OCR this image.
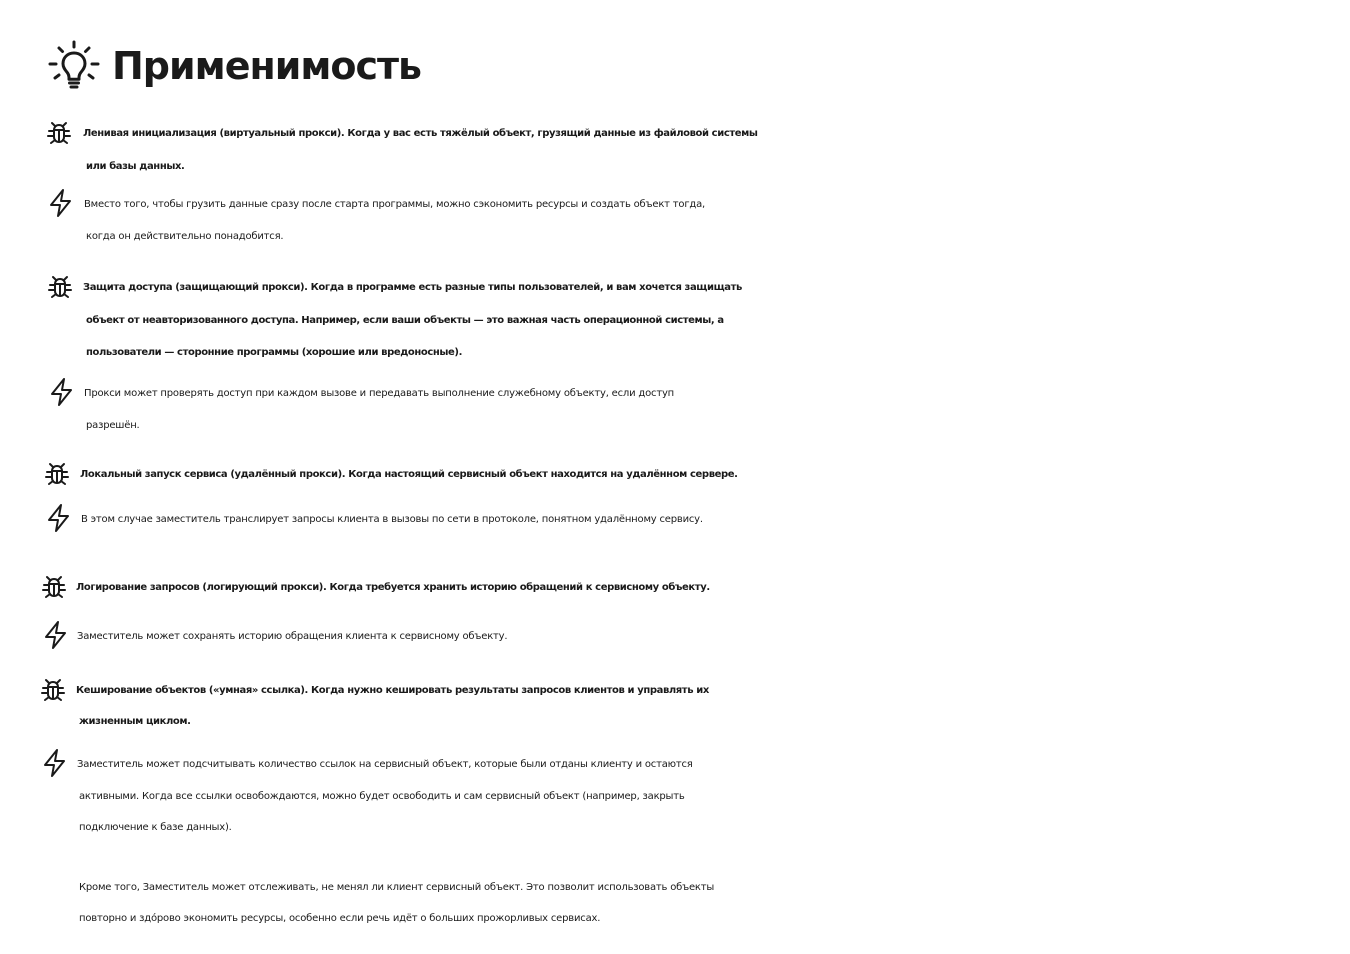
Применимость
Ленивая инициализация (виртуальный прокси). Когда у вас есть тяжёлый объект, грузящий данные из файловой системы
или базы данных.
Вместо того, чтобы грузить данные сразу после старта программы, можно сэкономить ресурсы и создать объект тогда,
когда он действительно понадобится.
Защита доступа (защищающий прокси). Когда в программе есть разные типы пользователей, и вам хочется защищать
объект от неавторизованного доступа. Например, если ваши объекты — это важная часть операционной системы, а
пользователи — сторонние программы (хорошие или вредоносные).
Прокси может проверять доступ при каждом вызове и передавать выполнение служебному объекту, если доступ
разрешён.
Локальный запуск сервиса (удалённый прокси). Когда настоящий сервисный объект находится на удалённом сервере.
В этом случае заместитель транслирует запросы клиента в вызовы по сети в протоколе, понятном удалённому сервису.
Логирование запросов (логирующий прокси). Когда требуется хранить историю обращений к сервисному объекту.
Заместитель может сохранять историю обращения клиента к сервисному объекту.
Кеширование объектов («умная» ссылка). Когда нужно кешировать результаты запросов клиентов и управлять их
жизненным циклом.
Заместитель может подсчитывать количество ссылок на сервисный объект, которые были отданы клиенту и остаются
активными. Когда все ссылки освобождаются, можно будет освободить и сам сервисный объект (например, закрыть
подключение к базе данных).
Кроме того, Заместитель может отслеживать, не менял ли клиент сервисный объект. Это позволит использовать объекты
повторно и здóрово экономить ресурсы, особенно если речь идёт о больших прожорливых сервисах.
